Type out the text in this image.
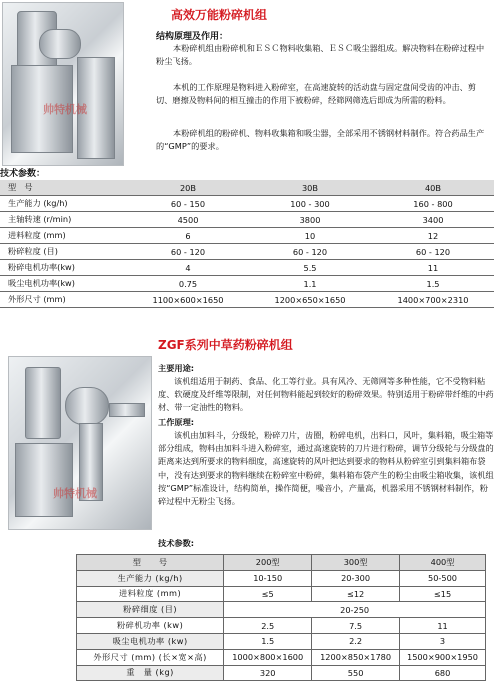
帅特机械
高效万能粉碎机组
结构原理及作用：
本粉碎机组由粉碎机和ＥＳＣ物料收集箱、ＥＳＣ吸尘器组成。解决物料在粉碎过程中粉尘飞扬。
本机的工作原理是物料进入粉碎室，在高速旋转的活动盘与固定盘间受齿的冲击、剪切、磨擦及物料间的相互撞击的作用下被粉碎，经筛网筛选后即成为所需的粉料。
本粉碎机组的粉碎机、物料收集箱和吸尘器，全部采用不锈钢材料制作。符合药品生产的“GMP”的要求。
技术参数：
型　号	20B	30B	40B
生产能力 (kg/h)	60 - 150	100 - 300	160 - 800
主轴转速 (r/min)	4500	3800	3400
进料粒度 (mm)	6	10	12
粉碎粒度 (目)	60 - 120	60 - 120	60 - 120
粉碎电机功率(kw)	4	5.5	11
吸尘电机功率(kw)	0.75	1.1	1.5
外形尺寸 (mm)	1100×600×1650	1200×650×1650	1400×700×2310
ZGF系列中草药粉碎机组
帅特机械
主要用途:
该机组适用于制药、食品、化工等行业。具有风冷、无筛网等多种性能，它不受物料粘度、软硬度及纤维等限制，对任何物料能起到较好的粉碎效果。特别适用于粉碎带纤维的中药材、带一定油性的物料。
工作原理:
该机由加料斗，分级轮，粉碎刀片，齿圈，粉碎电机，出料口，风叶，集料箱，吸尘箱等部分组成，物料由加料斗进入粉碎室，通过高速旋转的刀片进行粉碎，调节分级轮与分级盘的距离来达到所要求的物料细度，高速旋转的风叶把达到要求的物料从粉碎室引到集料箱布袋中，没有达到要求的物料继续在粉碎室中粉碎，集料箱布袋产生的粉尘由吸尘箱收集，该机组按“GMP”标准设计，结构简单，操作简便，噪音小，产量高，机器采用不锈钢材料制作，粉碎过程中无粉尘飞扬。
技术参数:
型　　号	200型	300型	400型
生产能力 (kg/h)	10-150	20-300	50-500
进料粒度 (mm)	≤5	≤12	≤15
粉碎细度 (目)	20-250		
粉碎机功率 (kw)	2.5	7.5	11
吸尘电机功率 (kw)	1.5	2.2	3
外形尺寸 (mm) (长×宽×高)	1000×800×1600	1200×850×1780	1500×900×1950
重　量 (kg)	320	550	680
